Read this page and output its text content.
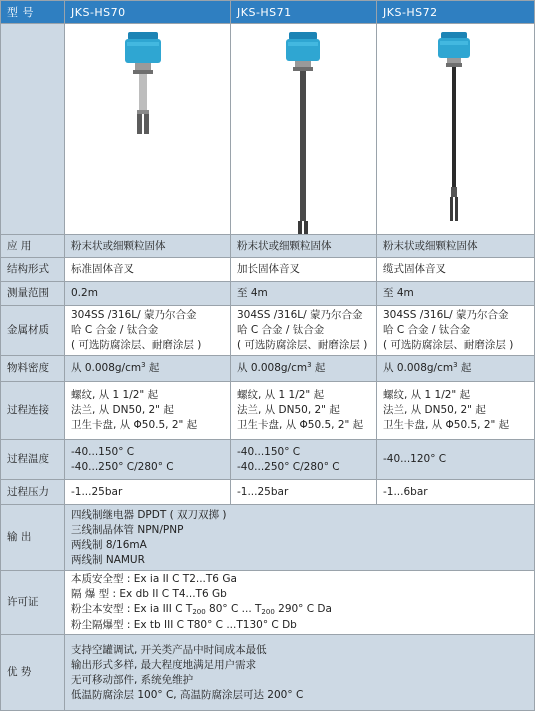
型 号	JKS-HS70	JKS-HS71	JKS-HS72

应 用	粉末状或细颗粒固体	粉末状或细颗粒固体	粉末状或细颗粒固体
结构形式	标准固体音叉	加长固体音叉	缆式固体音叉
测量范围	0.2m	至 4m	至 4m
金属材质	304SS /316L/ 蒙乃尔合金
哈 C 合金 / 钛合金
( 可选防腐涂层、耐磨涂层 )	304SS /316L/ 蒙乃尔合金
哈 C 合金 / 钛合金
( 可选防腐涂层、耐磨涂层 )	304SS /316L/ 蒙乃尔合金
哈 C 合金 / 钛合金
( 可选防腐涂层、耐磨涂层 )

物料密度	从 $0.008g/cm^3$ 起	从 $0.008g/cm^3$ 起	从 $0.008g/cm^3$ 起
过程连接	螺纹, 从 1 1/2" 起
法兰, 从 DN50, 2" 起
卫生卡盘, 从 Φ50.5, 2" 起	螺纹, 从 1 1/2" 起
法兰, 从 DN50, 2" 起
卫生卡盘, 从 Φ50.5, 2" 起	螺纹, 从 1 1/2" 起
法兰, 从 DN50, 2" 起
卫生卡盘, 从 Φ50.5, 2" 起

过程温度	-40...150° C
-40...250° C/280° C	-40...150° C
-40...250° C/280° C	-40...120° C

过程压力	-1...25bar	-1...25bar	-1...6bar
输 出	四线制继电器 DPDT ( 双刀双掷 )
三线制晶体管 NPN/PNP
两线制 8/16mA
两线制 NAMUR		

许可证	本质安全型 : Ex ia II C T2...T6 Ga
隔 爆 型 : Ex db II C T4...T6 Gb
粉尘本安型 : Ex ia III C $T_{200}$ 80° C ... $T_{200}$ 290° C Da
粉尘隔爆型 : Ex tb III C T80° C ...T130° C Db		

优 势	支持空罐调试, 开关类产品中时间成本最低
输出形式多样, 最大程度地满足用户需求
无可移动部件, 系统免维护
低温防腐涂层 100° C, 高温防腐涂层可达 200° C		
